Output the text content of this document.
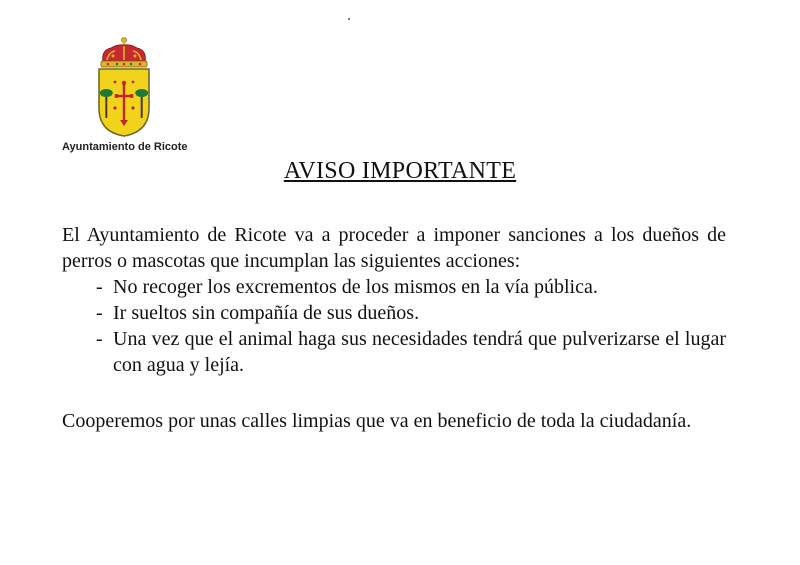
Ayuntamiento de Ricote
AVISO IMPORTANTE

El Ayuntamiento de Ricote va a proceder a imponer sanciones a los dueños de perros o mascotas que incumplan las siguientes acciones:

- No recoger los excrementos de los mismos en la vía pública.
- Ir sueltos sin compañía de sus dueños.
- Una vez que el animal haga sus necesidades tendrá que pulverizarse el lugar con agua y lejía.

Cooperemos por unas calles limpias que va en beneficio de toda la ciudadanía.
